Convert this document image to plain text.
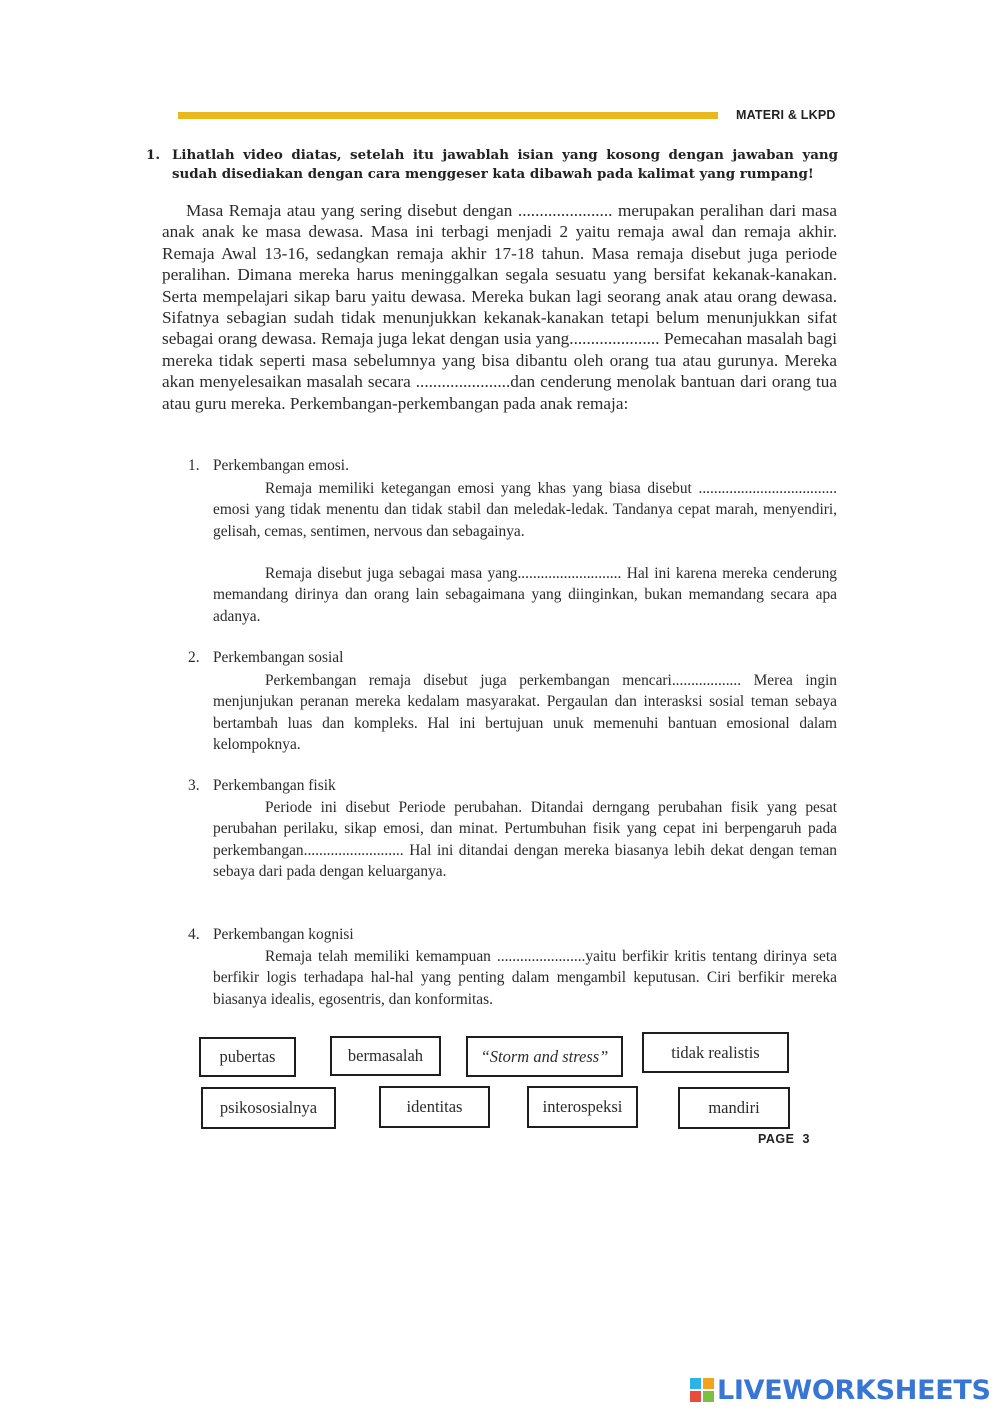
MATERI & LKPD
1. Lihatlah video diatas, setelah itu jawablah isian yang kosong dengan jawaban yang sudah disediakan dengan cara menggeser kata dibawah pada kalimat yang rumpang!
Masa Remaja atau yang sering disebut dengan ...................... merupakan peralihan dari masa anak anak ke masa dewasa. Masa ini terbagi menjadi 2 yaitu remaja awal dan remaja akhir. Remaja Awal 13-16, sedangkan remaja akhir 17-18 tahun. Masa remaja disebut juga periode peralihan. Dimana mereka harus meninggalkan segala sesuatu yang bersifat kekanak-kanakan. Serta mempelajari sikap baru yaitu dewasa. Mereka bukan lagi seorang anak atau orang dewasa. Sifatnya sebagian sudah tidak menunjukkan kekanak-kanakan tetapi belum menunjukkan sifat sebagai orang dewasa. Remaja juga lekat dengan usia yang..................... Pemecahan masalah bagi mereka tidak seperti masa sebelumnya yang bisa dibantu oleh orang tua atau gurunya. Mereka akan menyelesaikan masalah secara ......................dan cenderung menolak bantuan dari orang tua atau guru mereka. Perkembangan-perkembangan pada anak remaja:
1. Perkembangan emosi.
Remaja memiliki ketegangan emosi yang khas yang biasa disebut .................................... emosi yang tidak menentu dan tidak stabil dan meledak-ledak. Tandanya cepat marah, menyendiri, gelisah, cemas, sentimen, nervous dan sebagainya.
Remaja disebut juga sebagai masa yang........................... Hal ini karena mereka cenderung memandang dirinya dan orang lain sebagaimana yang diinginkan, bukan memandang secara apa adanya.
2. Perkembangan sosial
Perkembangan remaja disebut juga perkembangan mencari.................. Merea ingin menjunjukan peranan mereka kedalam masyarakat. Pergaulan dan interasksi sosial teman sebaya bertambah luas dan kompleks. Hal ini bertujuan unuk memenuhi bantuan emosional dalam kelompoknya.
3. Perkembangan fisik
Periode ini disebut Periode perubahan. Ditandai derngang perubahan fisik yang pesat perubahan perilaku, sikap emosi, dan minat. Pertumbuhan fisik yang cepat ini berpengaruh pada perkembangan.......................... Hal ini ditandai dengan mereka biasanya lebih dekat dengan teman sebaya dari pada dengan keluarganya.
4. Perkembangan kognisi
Remaja telah memiliki kemampuan .......................yaitu berfikir kritis tentang dirinya seta berfikir logis terhadapa hal-hal yang penting dalam mengambil keputusan. Ciri berfikir mereka biasanya idealis, egosentris, dan konformitas.
pubertas	bermasalah	“Storm and stress”	tidak realistis
psikososialnya	identitas	interospeksi	mandiri
PAGE 3
LIVEWORKSHEETS
